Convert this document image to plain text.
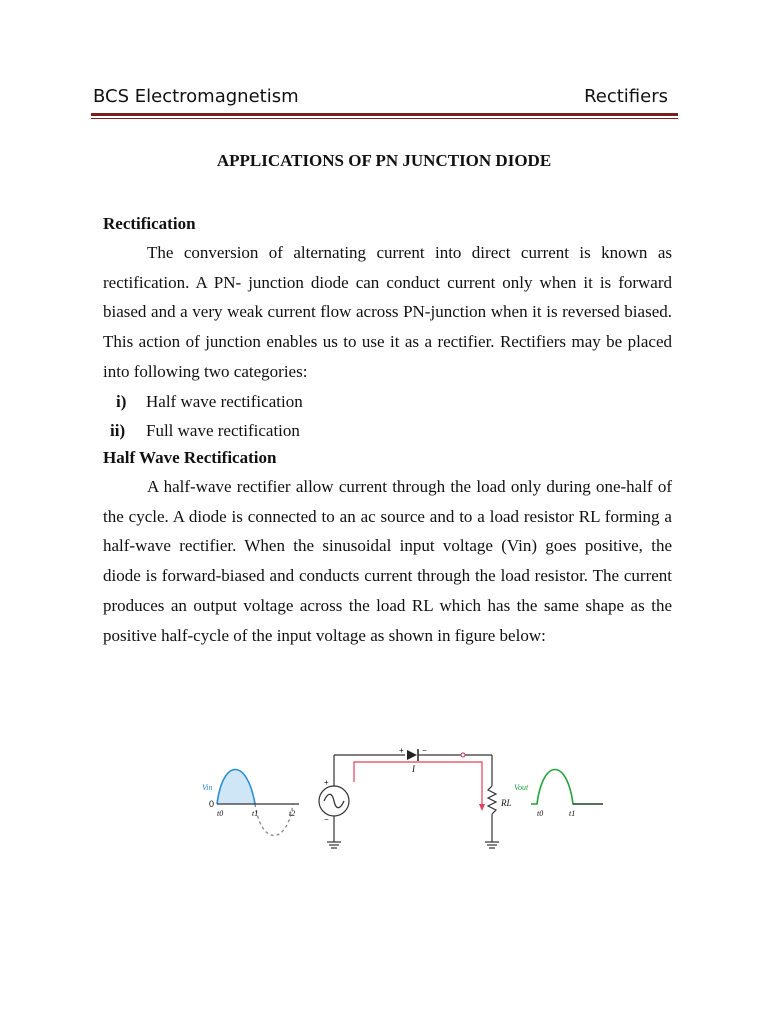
BCS Electromagnetism	Rectifiers
APPLICATIONS OF PN JUNCTION DIODE
Rectification

The conversion of alternating current into direct current is known as rectification. A PN- junction diode can conduct current only when it is forward biased and a very weak current flow across PN-junction when it is reversed biased. This action of junction enables us to use it as a rectifier. Rectifiers may be placed into following two categories:

i) Half wave rectification
ii) Full wave rectification
Half Wave Rectification

A half-wave rectifier allow current through the load only during one-half of the cycle. A diode is connected to an ac source and to a load resistor RL forming a half-wave rectifier. When the sinusoidal input voltage (Vin) goes positive, the diode is forward-biased and conducts current through the load resistor. The current produces an output voltage across the load RL which has the same shape as the positive half-cycle of the input voltage as shown in figure below:

Vin
0
t0	t1	t2
+ −
RL
+
−
I
Vout
t0	t1
